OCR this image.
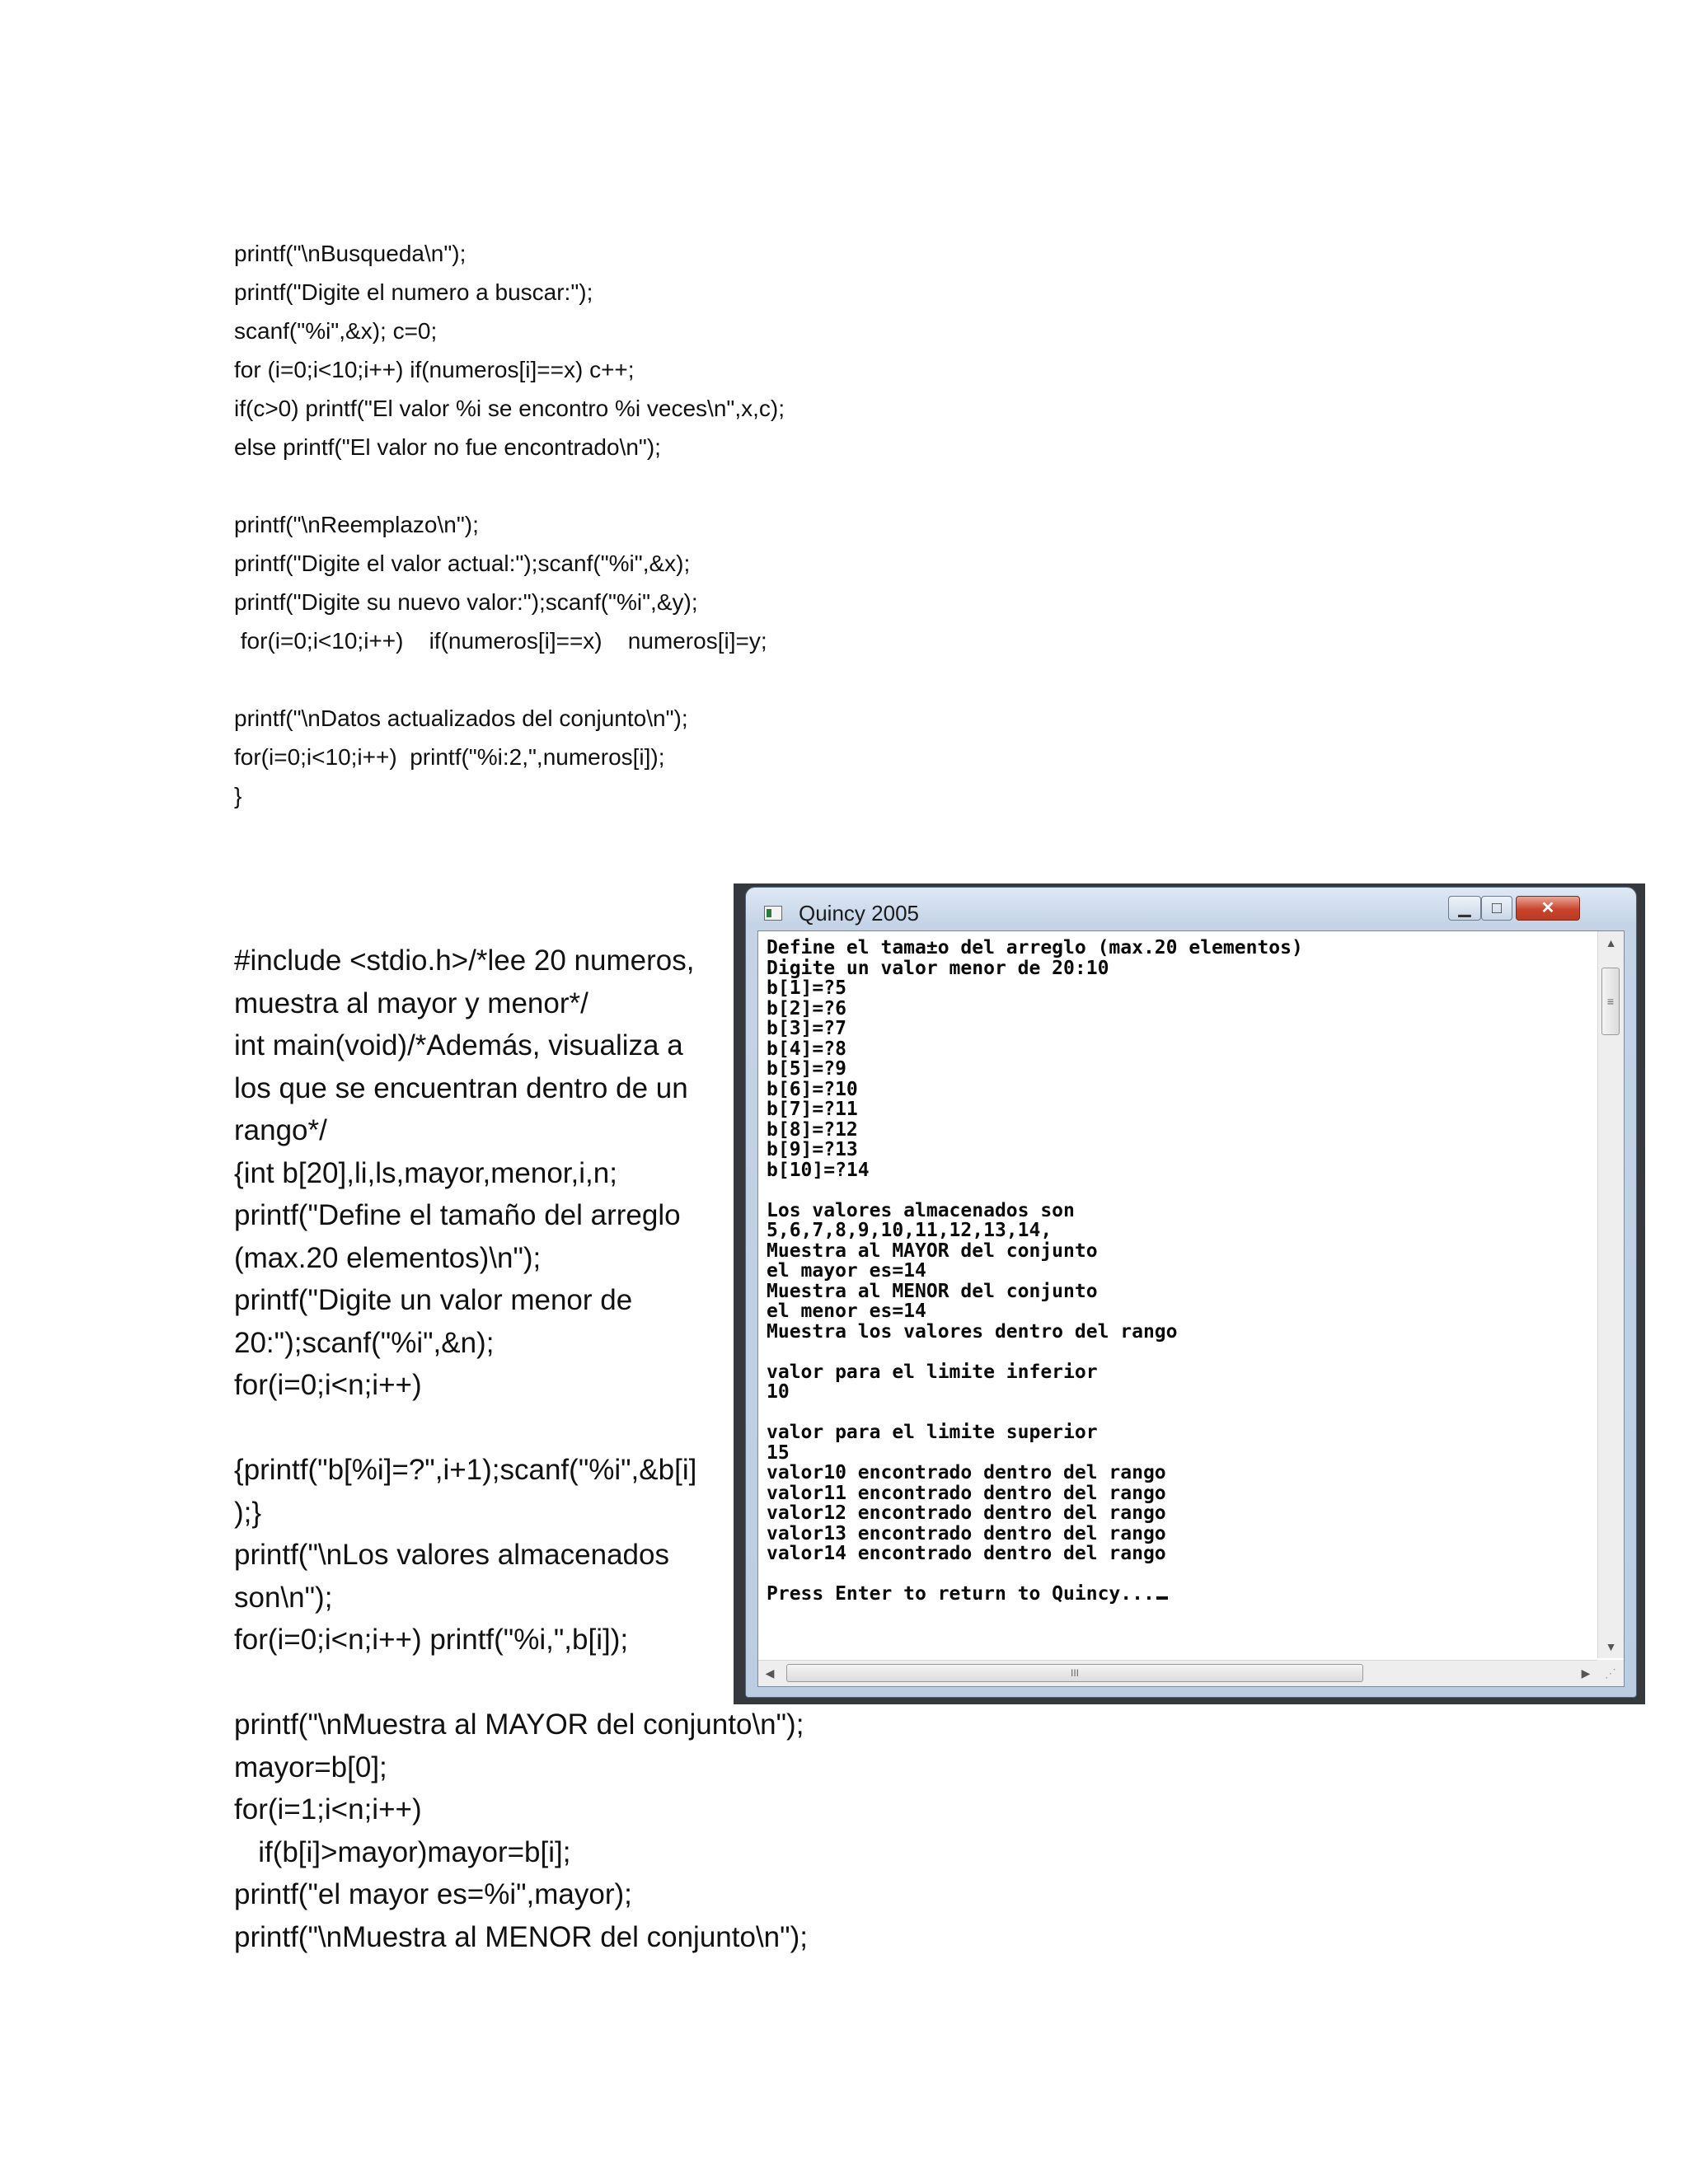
printf("\nBusqueda\n");
printf("Digite el numero a buscar:");
scanf("%i",&x); c=0;
for (i=0;i<10;i++) if(numeros[i]==x) c++;
if(c>0) printf("El valor %i se encontro %i veces\n",x,c);
else printf("El valor no fue encontrado\n");
printf("\nReemplazo\n");
printf("Digite el valor actual:");scanf("%i",&x);
printf("Digite su nuevo valor:");scanf("%i",&y);
for(i=0;i<10;i++)    if(numeros[i]==x)    numeros[i]=y;
printf("\nDatos actualizados del conjunto\n");
for(i=0;i<10;i++)  printf("%i:2,",numeros[i]);
}
#include <stdio.h>/*lee 20 numeros,
muestra al mayor y menor*/
int main(void)/*Además, visualiza a
los que se encuentran dentro de un
rango*/
{int b[20],li,ls,mayor,menor,i,n;
printf("Define el tamaño del arreglo
(max.20 elementos)\n");
printf("Digite un valor menor de
20:");scanf("%i",&n);
for(i=0;i<n;i++)
{printf("b[%i]=?",i+1);scanf("%i",&b[i]
);}
printf("\nLos valores almacenados
son\n");
for(i=0;i<n;i++) printf("%i,",b[i]);
printf("\nMuestra al MAYOR del conjunto\n");
mayor=b[0];
for(i=1;i<n;i++)
if(b[i]>mayor)mayor=b[i];
printf("el mayor es=%i",mayor);
printf("\nMuestra al MENOR del conjunto\n");
Quincy 2005	▁	□	✕
Define el tama±o del arreglo (max.20 elementos)
Digite un valor menor de 20:10
b[1]=?5
b[2]=?6
b[3]=?7
b[4]=?8
b[5]=?9
b[6]=?10
b[7]=?11
b[8]=?12
b[9]=?13
b[10]=?14
Los valores almacenados son
5,6,7,8,9,10,11,12,13,14,
Muestra al MAYOR del conjunto
el mayor es=14
Muestra al MENOR del conjunto
el menor es=14
Muestra los valores dentro del rango
valor para el limite inferior
10
valor para el limite superior
15
valor10 encontrado dentro del rango
valor11 encontrado dentro del rango
valor12 encontrado dentro del rango
valor13 encontrado dentro del rango
valor14 encontrado dentro del rango
Press Enter to return to Quincy...
▲
≡
▼
◀	III	▶	⋰
